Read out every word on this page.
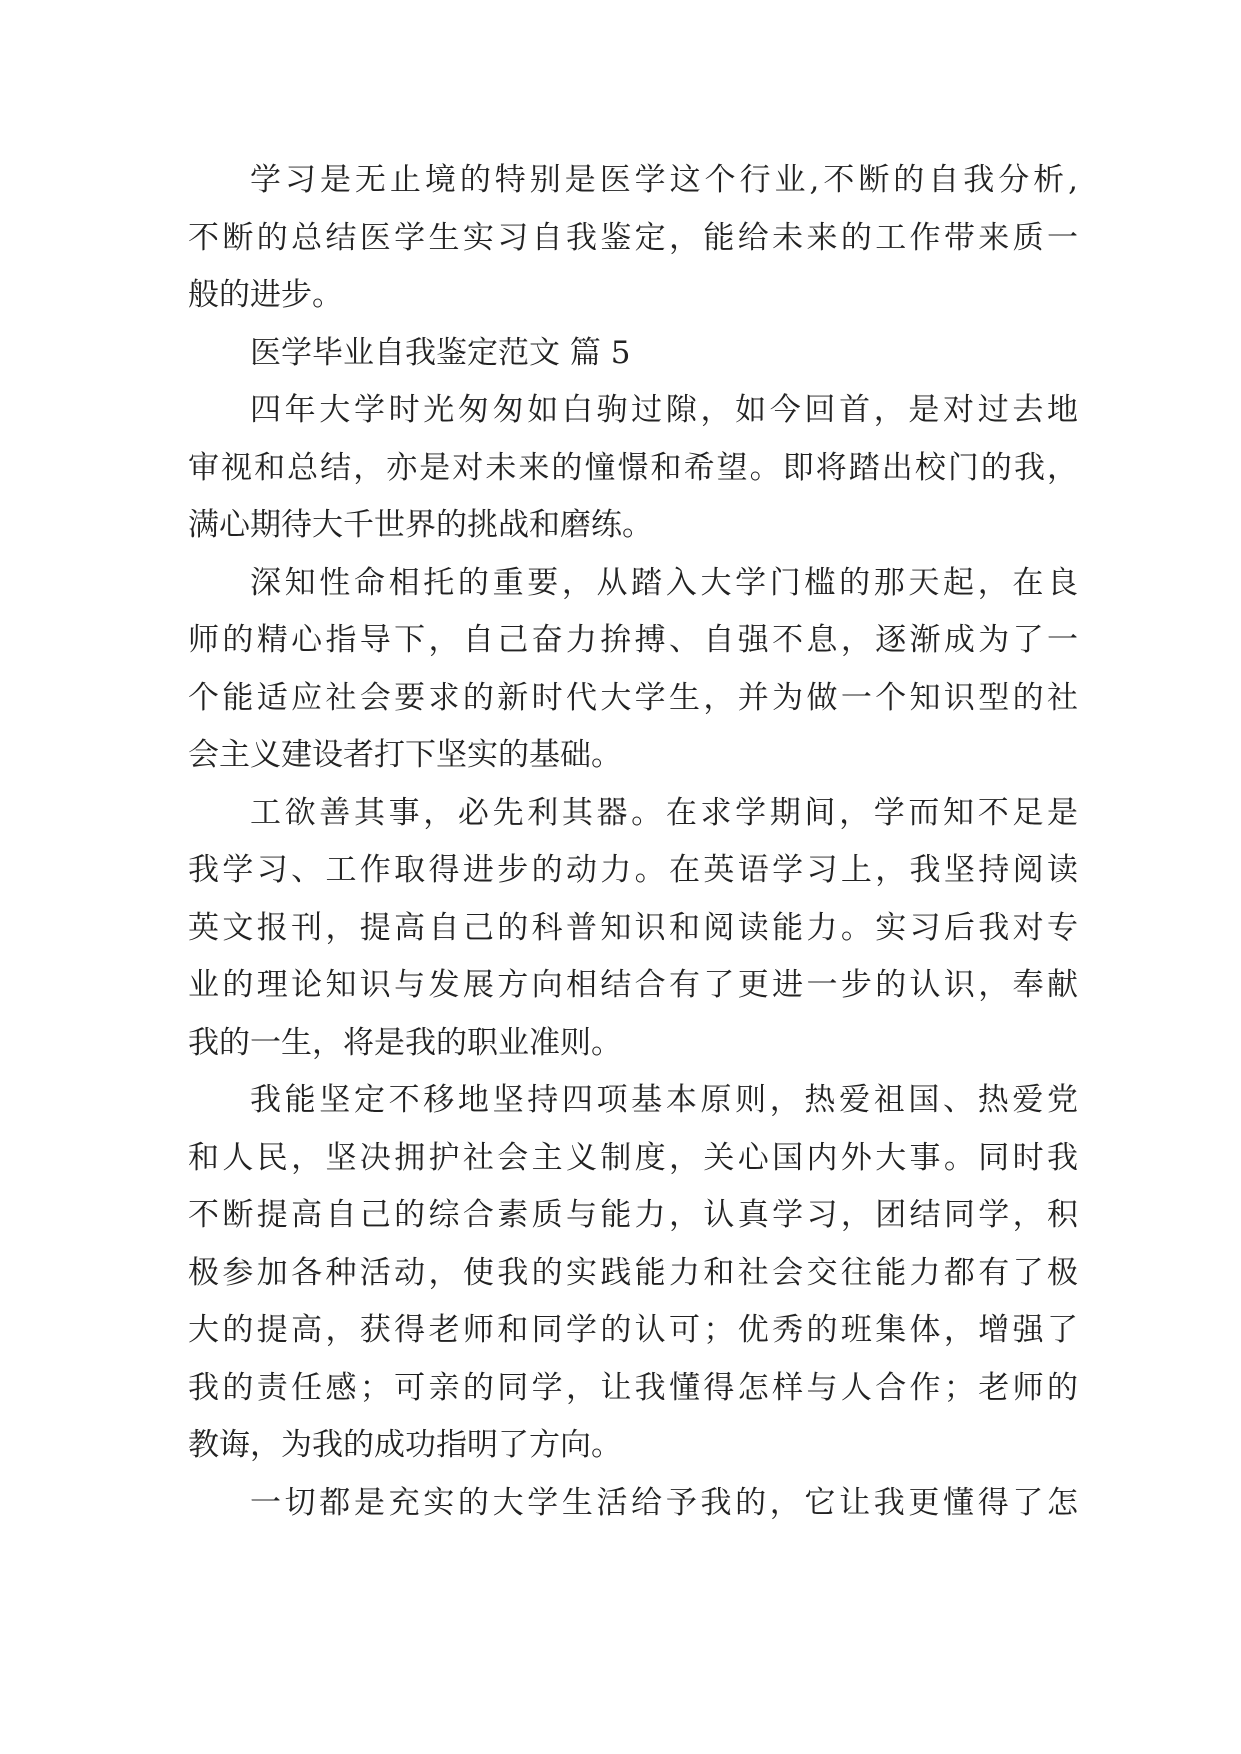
学习是无止境的特别是医学这个行业,不断的自我分析,
不断的总结医学生实习自我鉴定，能给未来的工作带来质一
般的进步。
医学毕业自我鉴定范文 篇 5
四年大学时光匆匆如白驹过隙，如今回首，是对过去地
审视和总结，亦是对未来的憧憬和希望。即将踏出校门的我，
满心期待大千世界的挑战和磨练。
深知性命相托的重要，从踏入大学门槛的那天起，在良
师的精心指导下，自己奋力拚搏、自强不息，逐渐成为了一
个能适应社会要求的新时代大学生，并为做一个知识型的社
会主义建设者打下坚实的基础。
工欲善其事，必先利其器。在求学期间，学而知不足是
我学习、工作取得进步的动力。在英语学习上，我坚持阅读
英文报刊，提高自己的科普知识和阅读能力。实习后我对专
业的理论知识与发展方向相结合有了更进一步的认识，奉献
我的一生，将是我的职业准则。
我能坚定不移地坚持四项基本原则，热爱祖国、热爱党
和人民，坚决拥护社会主义制度，关心国内外大事。同时我
不断提高自己的综合素质与能力，认真学习，团结同学，积
极参加各种活动，使我的实践能力和社会交往能力都有了极
大的提高，获得老师和同学的认可；优秀的班集体，增强了
我的责任感；可亲的同学，让我懂得怎样与人合作；老师的
教诲，为我的成功指明了方向。
一切都是充实的大学生活给予我的，它让我更懂得了怎
